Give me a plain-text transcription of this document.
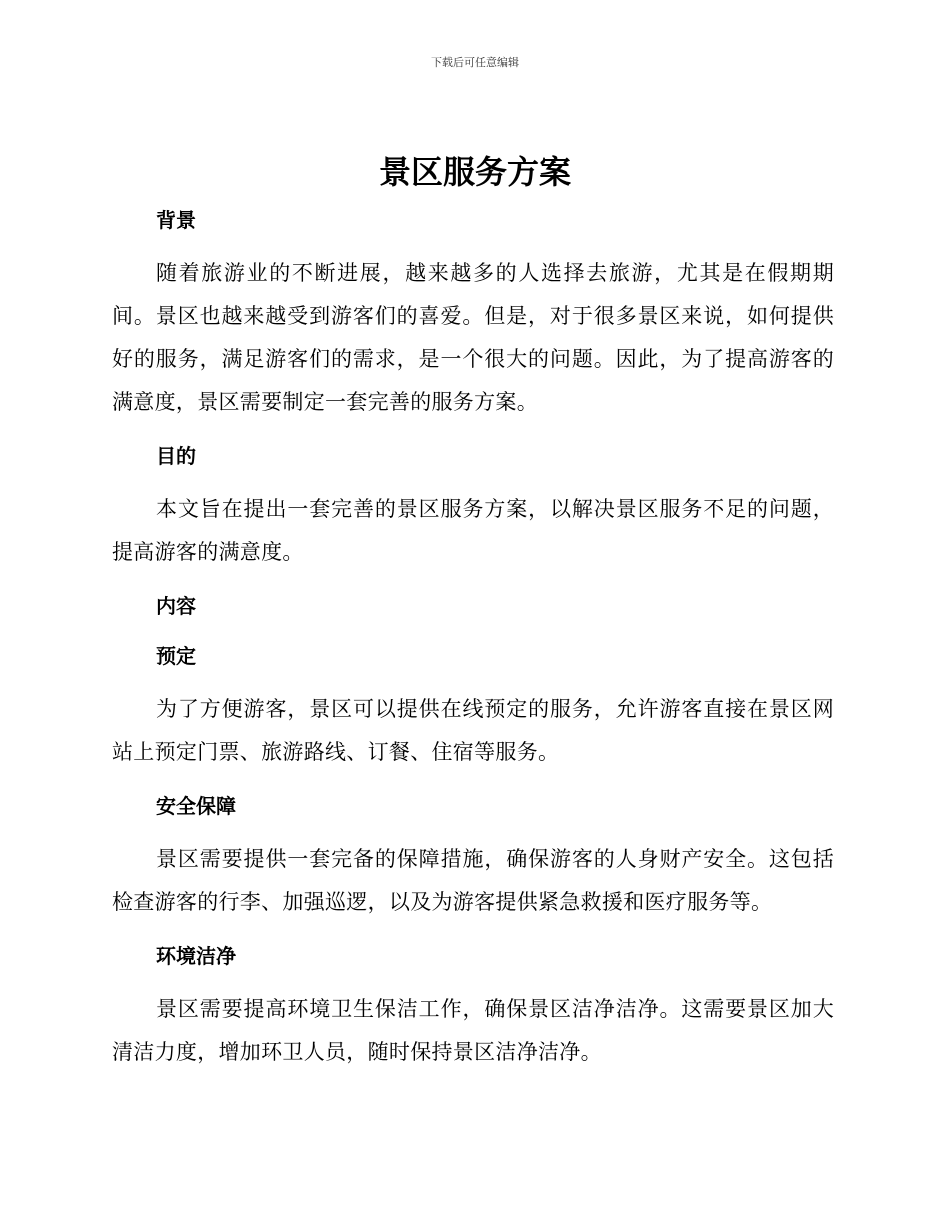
下载后可任意编辑
景区服务方案
背景

随着旅游业的不断进展，越来越多的人选择去旅游，尤其是在假期期间。景区也越来越受到游客们的喜爱。但是，对于很多景区来说，如何提供好的服务，满足游客们的需求，是一个很大的问题。因此，为了提高游客的满意度，景区需要制定一套完善的服务方案。

目的

本文旨在提出一套完善的景区服务方案，以解决景区服务不足的问题，提高游客的满意度。

内容
预定

为了方便游客，景区可以提供在线预定的服务，允许游客直接在景区网站上预定门票、旅游路线、订餐、住宿等服务。

安全保障

景区需要提供一套完备的保障措施，确保游客的人身财产安全。这包括检查游客的行李、加强巡逻，以及为游客提供紧急救援和医疗服务等。

环境洁净

景区需要提高环境卫生保洁工作，确保景区洁净洁净。这需要景区加大清洁力度，增加环卫人员，随时保持景区洁净洁净。
